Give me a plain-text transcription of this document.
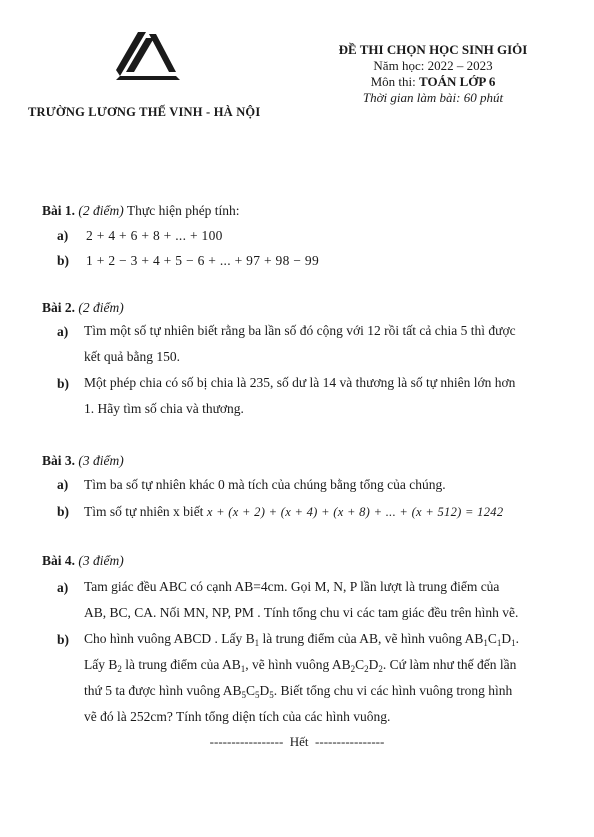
TRƯỜNG LƯƠNG THẾ VINH - HÀ NỘI
ĐỀ THI CHỌN HỌC SINH GIỎI
Năm học: 2022 – 2023
Môn thi: TOÁN LỚP 6
Thời gian làm bài: 60 phút
Bài 1. (2 điểm) Thực hiện phép tính:
a) 2 + 4 + 6 + 8 + ... + 100
b) 1 + 2 − 3 + 4 + 5 − 6 + ... + 97 + 98 − 99
Bài 2. (2 điểm)
a) Tìm một số tự nhiên biết rằng ba lần số đó cộng với 12 rồi tất cả chia 5 thì được
kết quả bằng 150.
b) Một phép chia có số bị chia là 235, số dư là 14 và thương là số tự nhiên lớn hơn
1. Hãy tìm số chia và thương.
Bài 3. (3 điểm)
a) Tìm ba số tự nhiên khác 0 mà tích của chúng bằng tổng của chúng.
b) Tìm số tự nhiên x biết x + (x + 2) + (x + 4) + (x + 8) + ... + (x + 512) = 1242
Bài 4. (3 điểm)
a) Tam giác đều ABC có cạnh AB=4cm. Gọi M, N, P lần lượt là trung điểm của
AB, BC, CA. Nối MN, NP, PM . Tính tổng chu vi các tam giác đều trên hình vẽ.
b) Cho hình vuông ABCD . Lấy $B_1$ là trung điểm của AB, vẽ hình vuông $AB_1C_1D_1$.
Lấy $B_2$ là trung điểm của $AB_1$, vẽ hình vuông $AB_2C_2D_2$. Cứ làm như thế đến lần
thứ 5 ta được hình vuông $AB_5C_5D_5$. Biết tổng chu vi các hình vuông trong hình
vẽ đó là 252cm? Tính tổng diện tích của các hình vuông.
-----------------  Hết  ----------------
